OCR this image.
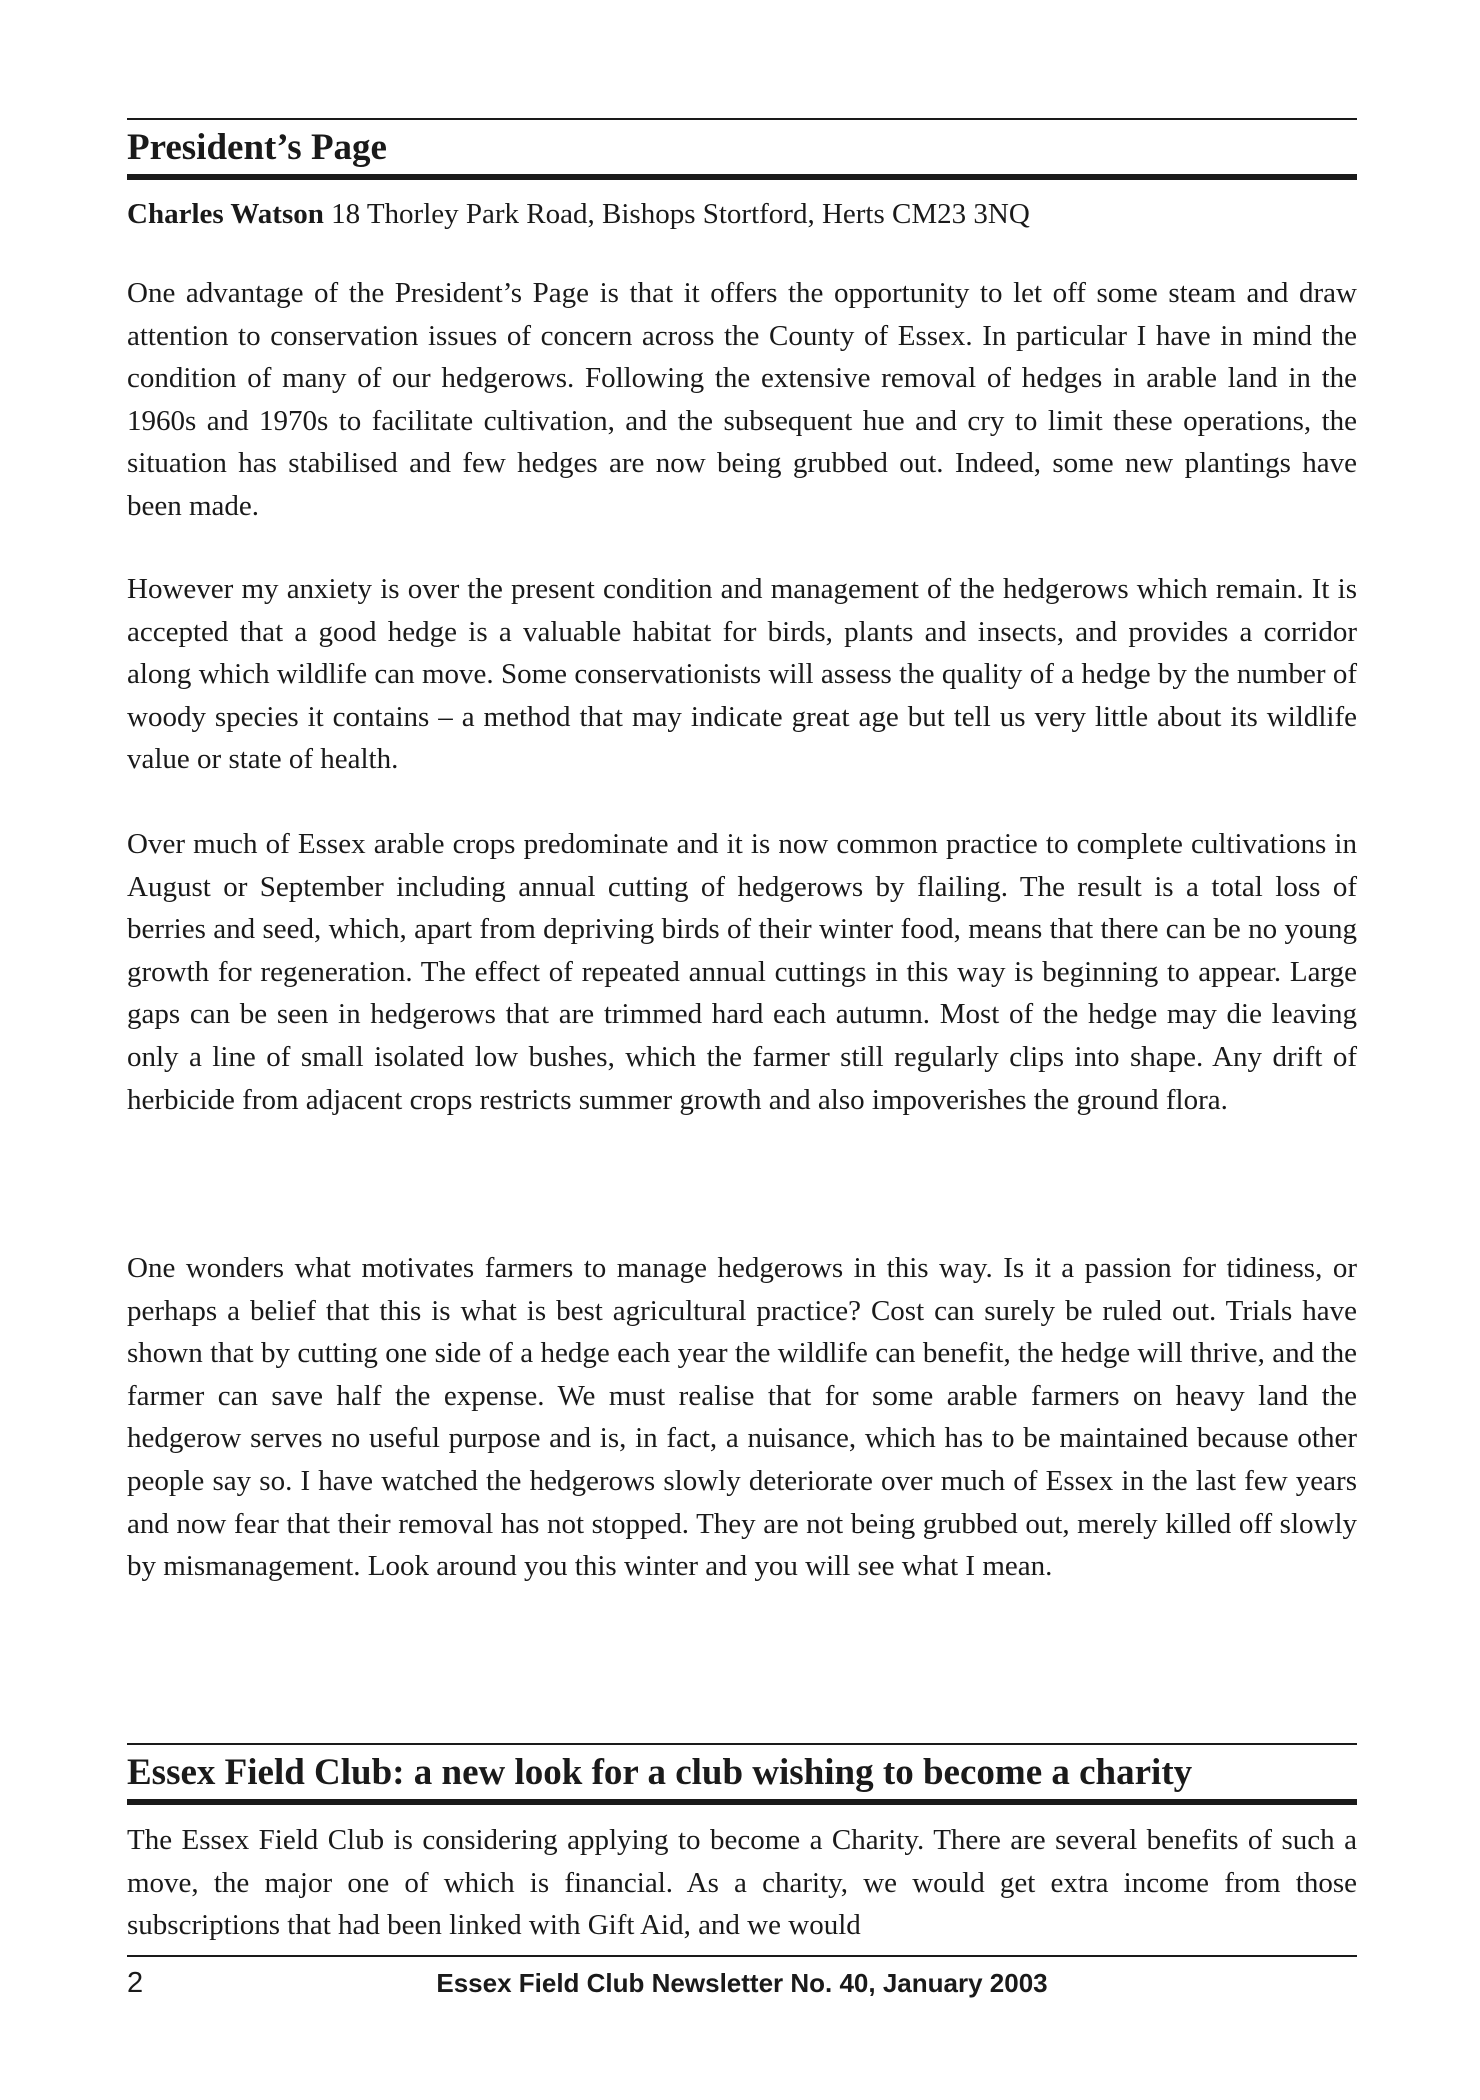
President’s Page

Charles Watson 18 Thorley Park Road, Bishops Stortford, Herts CM23 3NQ

One advantage of the President’s Page is that it offers the opportunity to let off some steam and draw attention to conservation issues of concern across the County of Essex. In particular I have in mind the condition of many of our hedgerows. Following the extensive removal of hedges in arable land in the 1960s and 1970s to facilitate cultivation, and the subsequent hue and cry to limit these operations, the situation has stabilised and few hedges are now being grubbed out. Indeed, some new plantings have been made.

However my anxiety is over the present condition and management of the hedgerows which remain. It is accepted that a good hedge is a valuable habitat for birds, plants and insects, and provides a corridor along which wildlife can move. Some conservationists will assess the quality of a hedge by the number of woody species it contains – a method that may indicate great age but tell us very little about its wildlife value or state of health.

Over much of Essex arable crops predominate and it is now common practice to complete cultivations in August or September including annual cutting of hedgerows by flailing. The result is a total loss of berries and seed, which, apart from depriving birds of their winter food, means that there can be no young growth for regeneration. The effect of repeated annual cuttings in this way is beginning to appear. Large gaps can be seen in hedgerows that are trimmed hard each autumn. Most of the hedge may die leaving only a line of small isolated low bushes, which the farmer still regularly clips into shape. Any drift of herbicide from adjacent crops restricts summer growth and also impoverishes the ground flora.

One wonders what motivates farmers to manage hedgerows in this way. Is it a passion for tidiness, or perhaps a belief that this is what is best agricultural practice? Cost can surely be ruled out. Trials have shown that by cutting one side of a hedge each year the wildlife can benefit, the hedge will thrive, and the farmer can save half the expense. We must realise that for some arable farmers on heavy land the hedgerow serves no useful purpose and is, in fact, a nuisance, which has to be maintained because other people say so. I have watched the hedgerows slowly deteriorate over much of Essex in the last few years and now fear that their removal has not stopped. They are not being grubbed out, merely killed off slowly by mismanagement. Look around you this winter and you will see what I mean.

Essex Field Club: a new look for a club wishing to become a charity

The Essex Field Club is considering applying to become a Charity. There are several benefits of such a move, the major one of which is financial. As a charity, we would get extra income from those subscriptions that had been linked with Gift Aid, and we would

2	Essex Field Club Newsletter No. 40, January 2003
